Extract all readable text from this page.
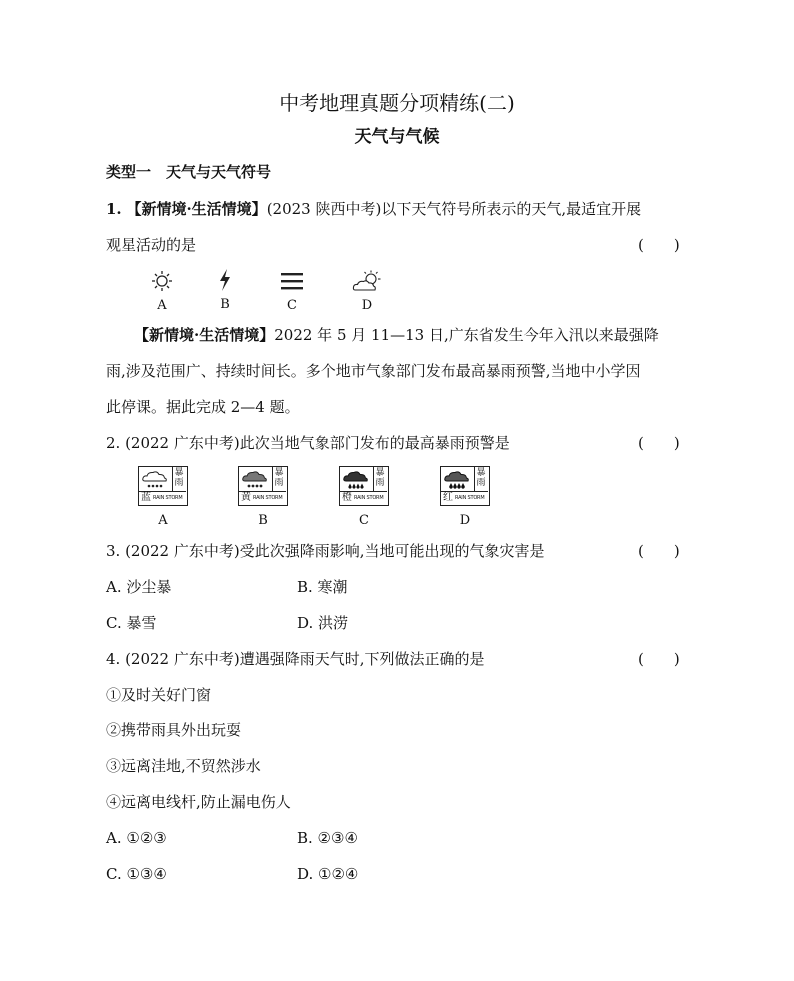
中考地理真题分项精练(二)
天气与气候
类型一　天气与天气符号
1. 【新情境·生活情境】(2023 陕西中考)以下天气符号所表示的天气,最适宜开展
观星活动的是	(　　)
A	B	C	D
【新情境·生活情境】2022 年 5 月 11—13 日,广东省发生今年入汛以来最强降
雨,涉及范围广、持续时间长。多个地市气象部门发布最高暴雨预警,当地中小学因
此停课。据此完成 2—4 题。
2. (2022 广东中考)此次当地气象部门发布的最高暴雨预警是	(　　)
暴
雨
蓝 RAIN STORM
暴
雨
黄 RAIN STORM
暴
雨
橙 RAIN STORM
暴
雨
红 RAIN STORM
A	B	C	D
3. (2022 广东中考)受此次强降雨影响,当地可能出现的气象灾害是	(　　)
A. 沙尘暴	B. 寒潮
C. 暴雪	D. 洪涝
4. (2022 广东中考)遭遇强降雨天气时,下列做法正确的是	(　　)
①及时关好门窗
②携带雨具外出玩耍
③远离洼地,不贸然涉水
④远离电线杆,防止漏电伤人
A. ①②③	B. ②③④
C. ①③④	D. ①②④
